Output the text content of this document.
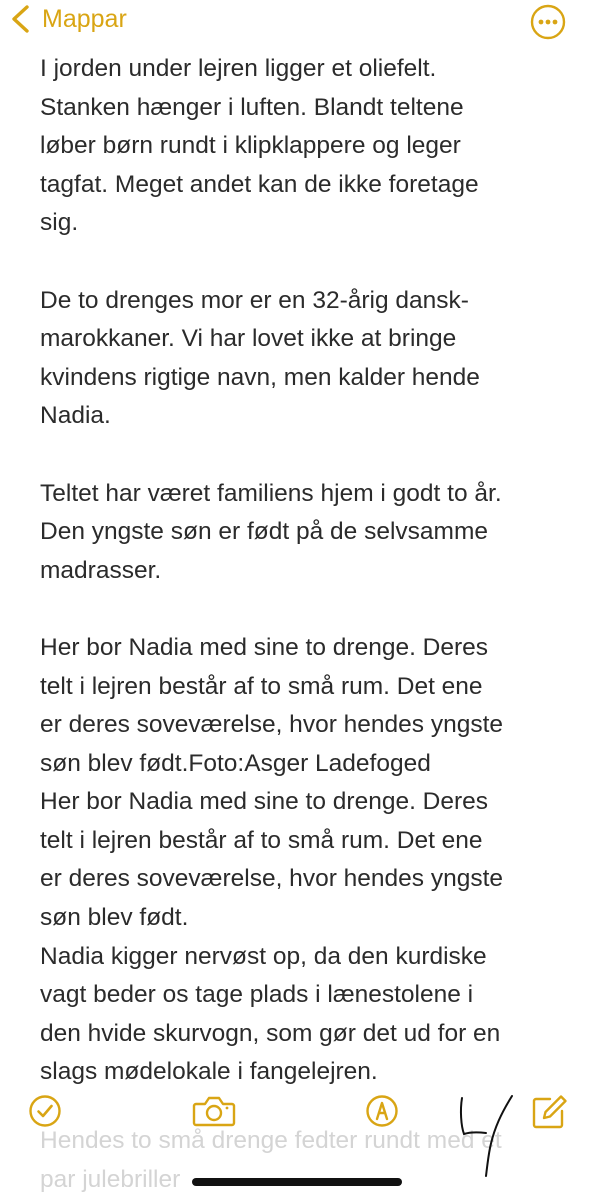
Mappar
I jorden under lejren ligger et oliefelt.
Stanken hænger i luften. Blandt teltene
løber børn rundt i klipklappere og leger
tagfat. Meget andet kan de ikke foretage
sig.
De to drenges mor er en 32-årig dansk-
marokkaner. Vi har lovet ikke at bringe
kvindens rigtige navn, men kalder hende
Nadia.
Teltet har været familiens hjem i godt to år.
Den yngste søn er født på de selvsamme
madrasser.
Her bor Nadia med sine to drenge. Deres
telt i lejren består af to små rum. Det ene
er deres soveværelse, hvor hendes yngste
søn blev født.Foto:Asger Ladefoged
Her bor Nadia med sine to drenge. Deres
telt i lejren består af to små rum. Det ene
er deres soveværelse, hvor hendes yngste
søn blev født.
Nadia kigger nervøst op, da den kurdiske
vagt beder os tage plads i lænestolene i
den hvide skurvogn, som gør det ud for en
slags mødelokale i fangelejren.
Hendes to små drenge fedter rundt med et
par julebriller
